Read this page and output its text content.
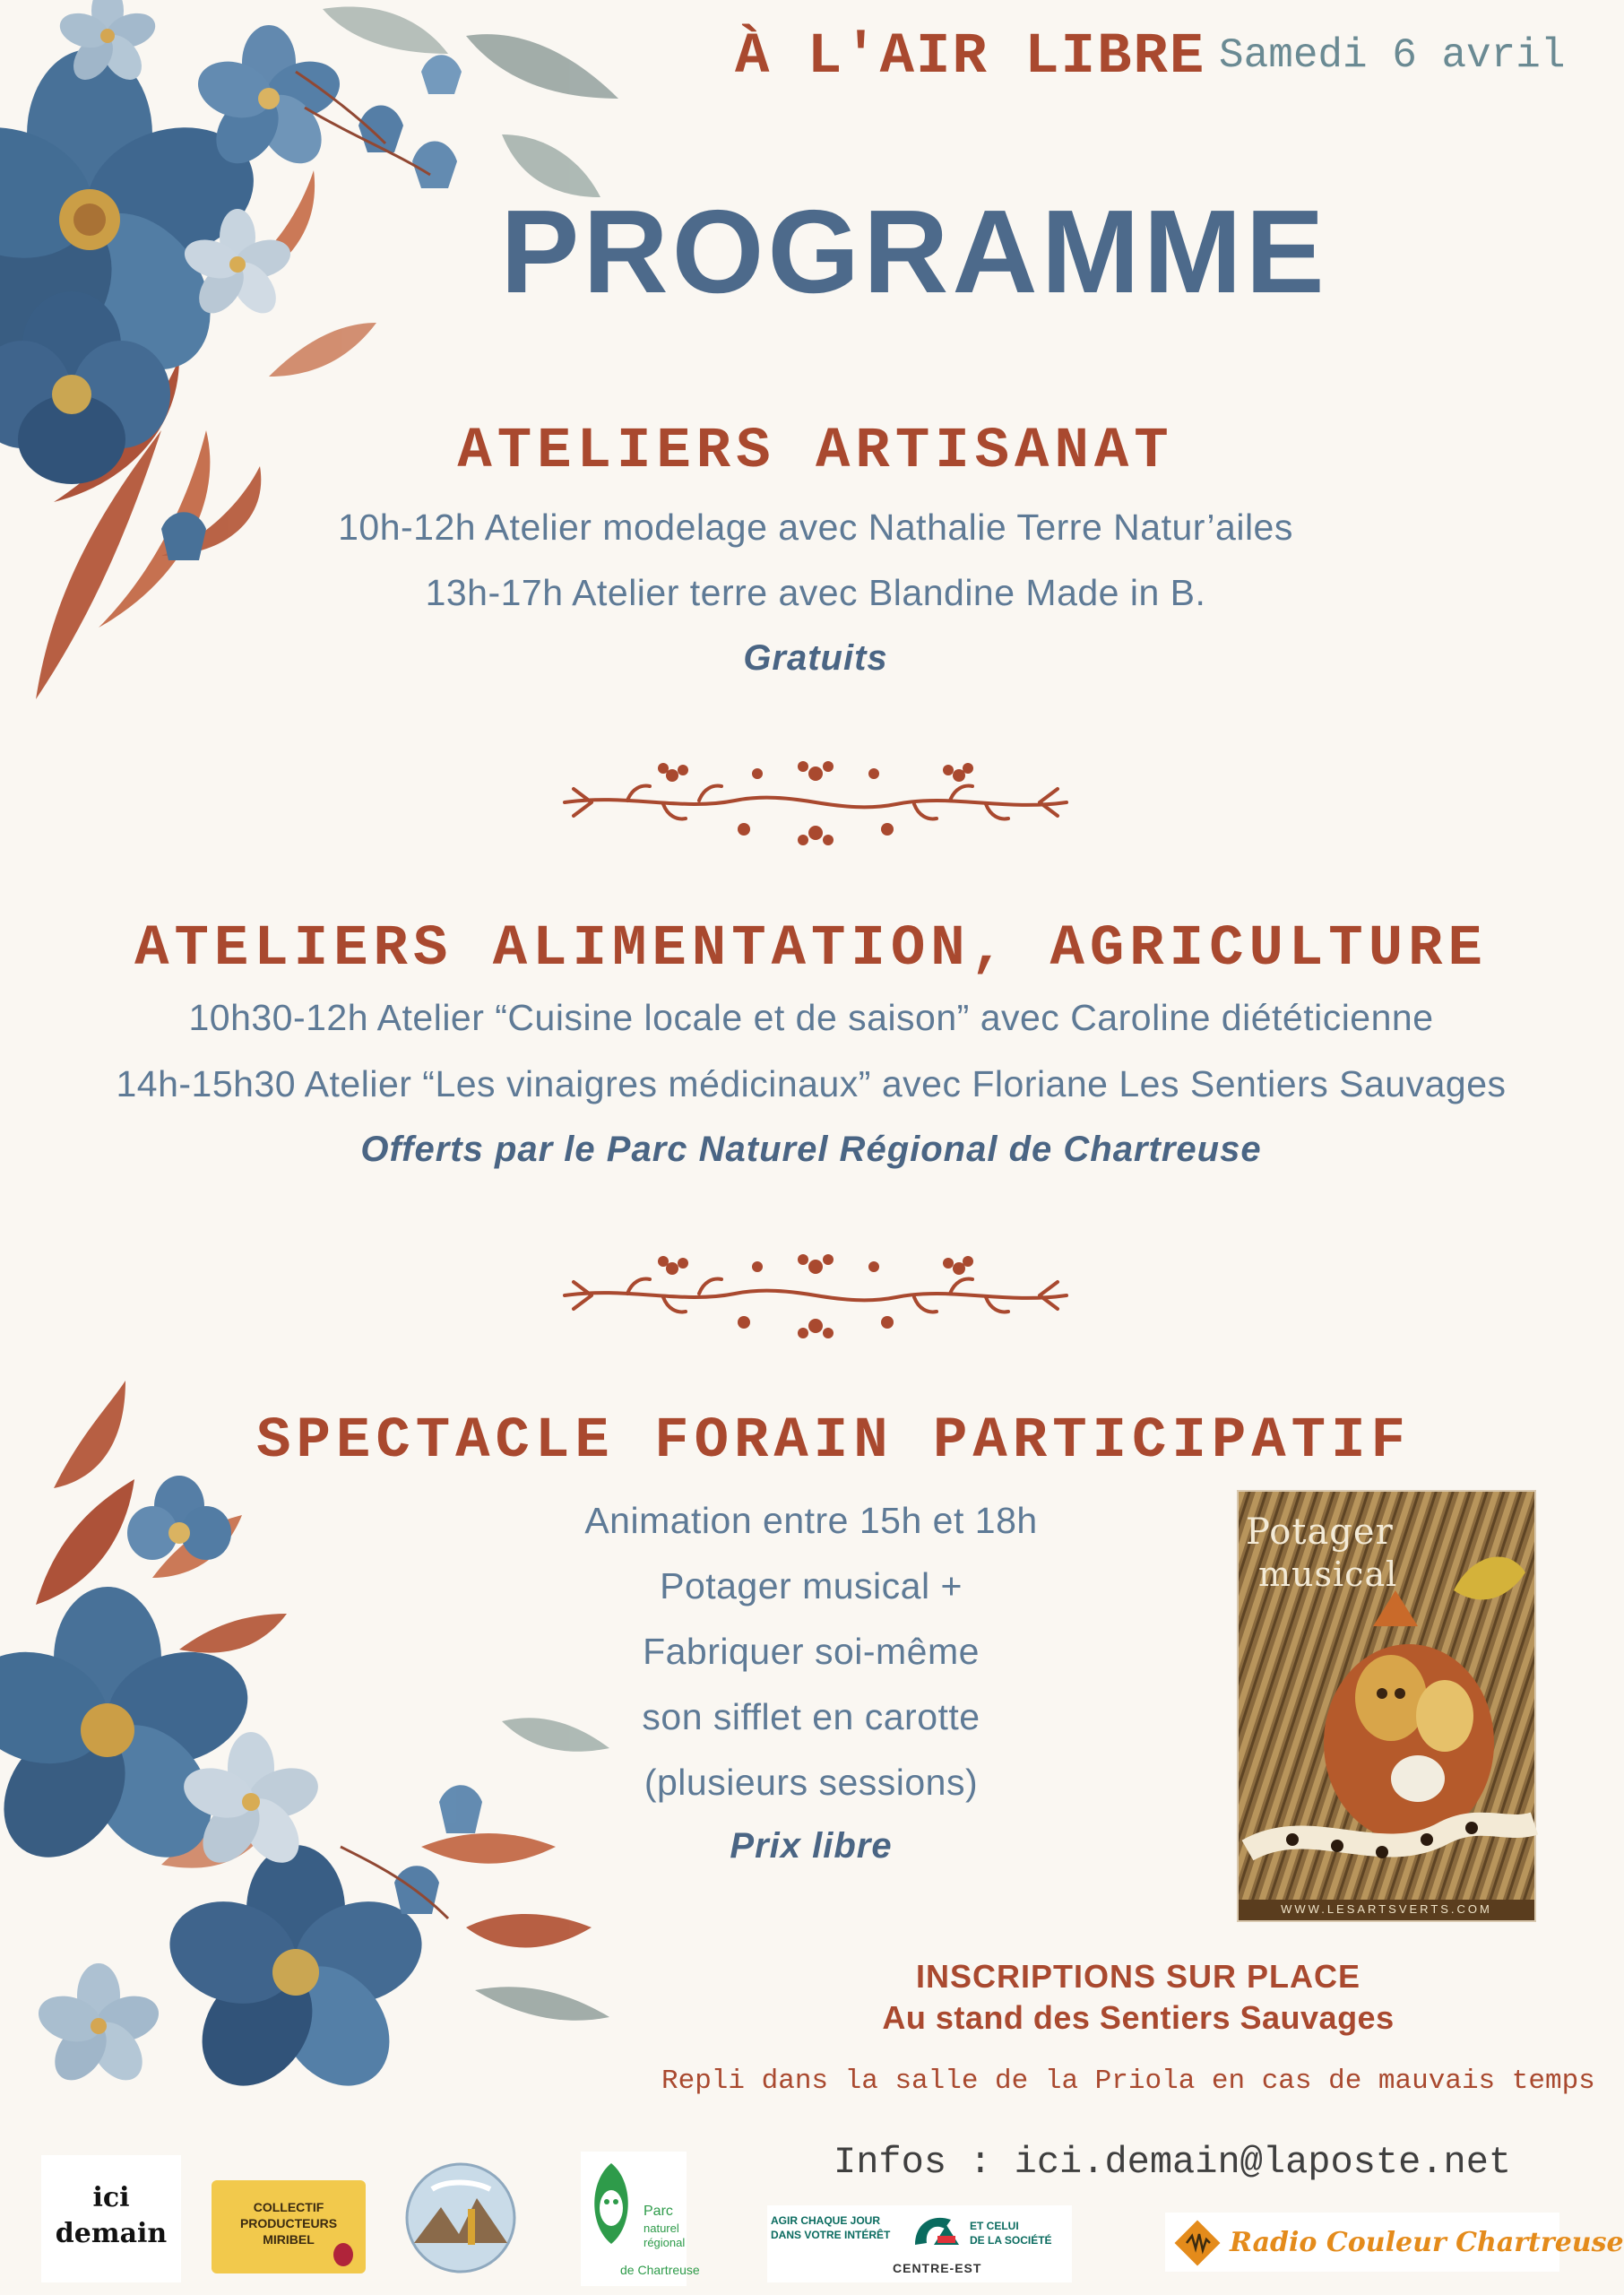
À L'AIR LIBRE Samedi 6 avril
PROGRAMME
ATELIERS ARTISANAT
10h-12h Atelier modelage avec Nathalie Terre Natur’ailes
13h-17h Atelier terre avec Blandine Made in B.
Gratuits
ATELIERS ALIMENTATION, AGRICULTURE
10h30-12h Atelier “Cuisine locale et de saison” avec Caroline diététicienne
14h-15h30 Atelier “Les vinaigres médicinaux” avec Floriane Les Sentiers Sauvages
Offerts par le Parc Naturel Régional de Chartreuse
SPECTACLE FORAIN PARTICIPATIF
Animation entre 15h et 18h
Potager musical +
Fabriquer soi-même
son sifflet en carotte
(plusieurs sessions)
Prix libre
Potager
musical
WWW.LESARTSVERTS.COM
INSCRIPTIONS SUR PLACE
Au stand des Sentiers Sauvages
Repli dans la salle de la Priola en cas de mauvais temps
Infos : ici.demain@laposte.net
ici
demain
COLLECTIF
PRODUCTEURS
MIRIBEL
Parc
naturel
régional
de Chartreuse
AGIR CHAQUE JOUR
DANS VOTRE INTÉRÊT
ET CELUI
DE LA SOCIÉTÉ
CENTRE-EST
Radio Couleur Chartreuse
